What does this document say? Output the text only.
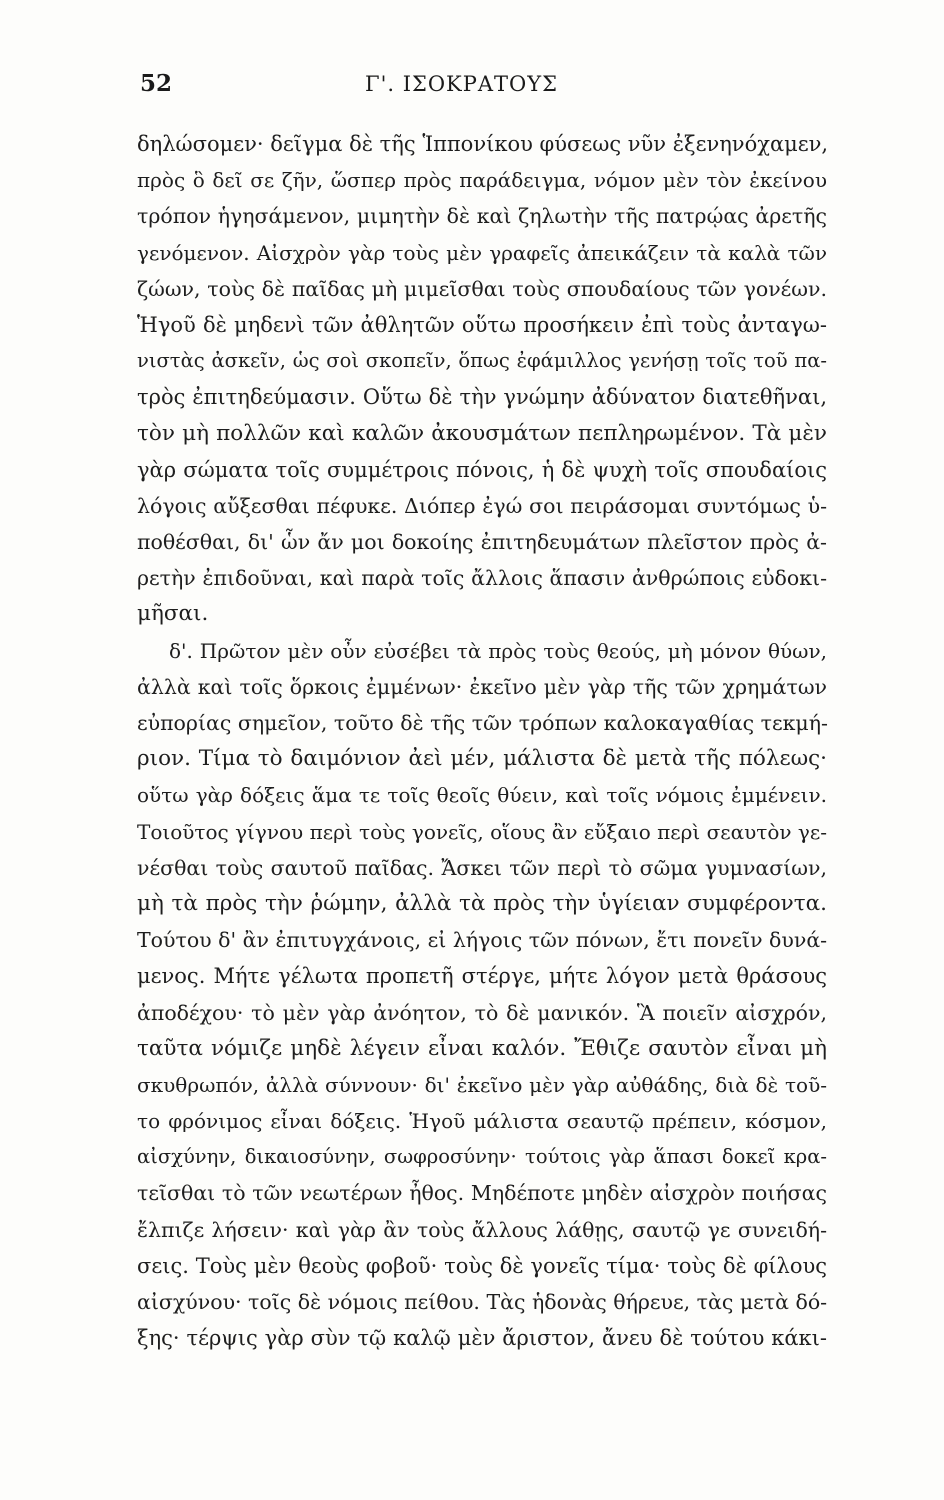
52	Γ'. ΙΣΟΚΡΑΤΟΥΣ
δηλώσομεν· δεῖγμα δὲ τῆς Ἱππονίκου φύσεως νῦν ἐξενηνόχαμεν,
πρὸς ὃ δεῖ σε ζῆν, ὥσπερ πρὸς παράδειγμα, νόμον μὲν τὸν ἐκείνου
τρόπον ἡγησάμενον, μιμητὴν δὲ καὶ ζηλωτὴν τῆς πατρῴας ἀρετῆς
γενόμενον. Αἰσχρὸν γὰρ τοὺς μὲν γραφεῖς ἀπεικάζειν τὰ καλὰ τῶν
ζώων, τοὺς δὲ παῖδας μὴ μιμεῖσθαι τοὺς σπουδαίους τῶν γονέων.
Ἡγοῦ δὲ μηδενὶ τῶν ἀθλητῶν οὕτω προσήκειν ἐπὶ τοὺς ἀνταγω-
νιστὰς ἀσκεῖν, ὡς σοὶ σκοπεῖν, ὅπως ἐφάμιλλος γενήσῃ τοῖς τοῦ πα-
τρὸς ἐπιτηδεύμασιν. Οὕτω δὲ τὴν γνώμην ἀδύνατον διατεθῆναι,
τὸν μὴ πολλῶν καὶ καλῶν ἀκουσμάτων πεπληρωμένον. Τὰ μὲν
γὰρ σώματα τοῖς συμμέτροις πόνοις, ἡ δὲ ψυχὴ τοῖς σπουδαίοις
λόγοις αὔξεσθαι πέφυκε. Διόπερ ἐγώ σοι πειράσομαι συντόμως ὑ-
ποθέσθαι, δι' ὧν ἄν μοι δοκοίης ἐπιτηδευμάτων πλεῖστον πρὸς ἀ-
ρετὴν ἐπιδοῦναι, καὶ παρὰ τοῖς ἄλλοις ἅπασιν ἀνθρώποις εὐδοκι-
μῆσαι.
δ'. Πρῶτον μὲν οὖν εὐσέβει τὰ πρὸς τοὺς θεούς, μὴ μόνον θύων,
ἀλλὰ καὶ τοῖς ὅρκοις ἐμμένων· ἐκεῖνο μὲν γὰρ τῆς τῶν χρημάτων
εὐπορίας σημεῖον, τοῦτο δὲ τῆς τῶν τρόπων καλοκαγαθίας τεκμή-
ριον. Τίμα τὸ δαιμόνιον ἀεὶ μέν, μάλιστα δὲ μετὰ τῆς πόλεως·
οὕτω γὰρ δόξεις ἅμα τε τοῖς θεοῖς θύειν, καὶ τοῖς νόμοις ἐμμένειν.
Τοιοῦτος γίγνου περὶ τοὺς γονεῖς, οἵους ἂν εὔξαιο περὶ σεαυτὸν γε-
νέσθαι τοὺς σαυτοῦ παῖδας. Ἄσκει τῶν περὶ τὸ σῶμα γυμνασίων,
μὴ τὰ πρὸς τὴν ῥώμην, ἀλλὰ τὰ πρὸς τὴν ὑγίειαν συμφέροντα.
Τούτου δ' ἂν ἐπιτυγχάνοις, εἰ λήγοις τῶν πόνων, ἔτι πονεῖν δυνά-
μενος. Μήτε γέλωτα προπετῆ στέργε, μήτε λόγον μετὰ θράσους
ἀποδέχου· τὸ μὲν γὰρ ἀνόητον, τὸ δὲ μανικόν. Ἃ ποιεῖν αἰσχρόν,
ταῦτα νόμιζε μηδὲ λέγειν εἶναι καλόν. Ἔθιζε σαυτὸν εἶναι μὴ
σκυθρωπόν, ἀλλὰ σύννουν· δι' ἐκεῖνο μὲν γὰρ αὐθάδης, διὰ δὲ τοῦ-
το φρόνιμος εἶναι δόξεις. Ἡγοῦ μάλιστα σεαυτῷ πρέπειν, κόσμον,
αἰσχύνην, δικαιοσύνην, σωφροσύνην· τούτοις γὰρ ἅπασι δοκεῖ κρα-
τεῖσθαι τὸ τῶν νεωτέρων ἦθος. Μηδέποτε μηδὲν αἰσχρὸν ποιήσας
ἔλπιζε λήσειν· καὶ γὰρ ἂν τοὺς ἄλλους λάθῃς, σαυτῷ γε συνειδή-
σεις. Τοὺς μὲν θεοὺς φοβοῦ· τοὺς δὲ γονεῖς τίμα· τοὺς δὲ φίλους
αἰσχύνου· τοῖς δὲ νόμοις πείθου. Τὰς ἡδονὰς θήρευε, τὰς μετὰ δό-
ξης· τέρψις γὰρ σὺν τῷ καλῷ μὲν ἄριστον, ἄνευ δὲ τούτου κάκι-
